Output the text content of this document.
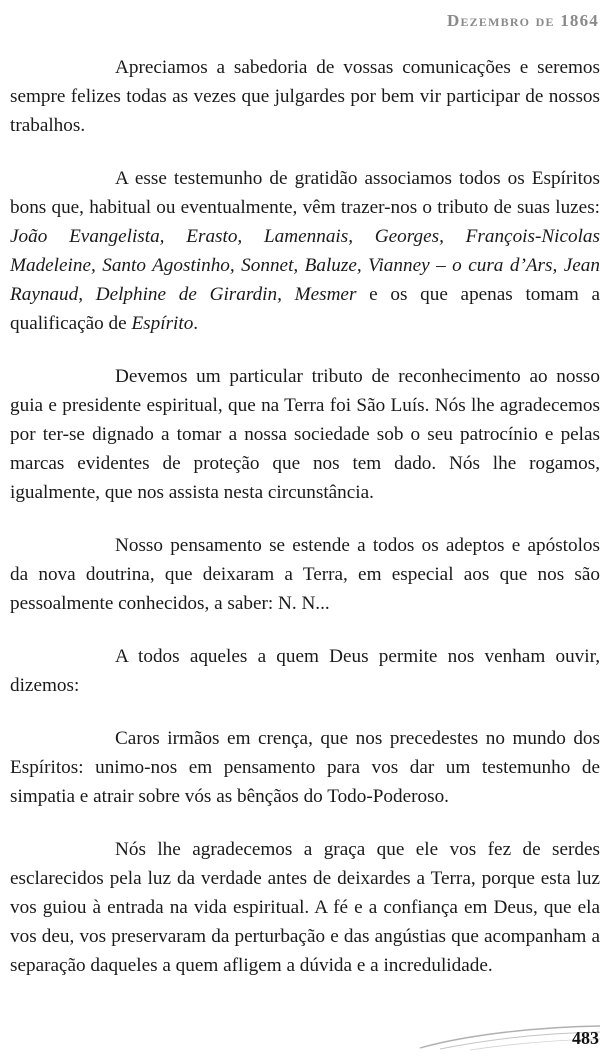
Dezembro de 1864

Apreciamos a sabedoria de vossas comunicações e seremos sempre felizes todas as vezes que julgardes por bem vir participar de nossos trabalhos.

A esse testemunho de gratidão associamos todos os Espíritos bons que, habitual ou eventualmente, vêm trazer-nos o tributo de suas luzes: João Evangelista, Erasto, Lamennais, Georges, François-Nicolas Madeleine, Santo Agostinho, Sonnet, Baluze, Vianney – o cura d’Ars, Jean Raynaud, Delphine de Girardin, Mesmer e os que apenas tomam a qualificação de Espírito.

Devemos um particular tributo de reconhecimento ao nosso guia e presidente espiritual, que na Terra foi São Luís. Nós lhe agradecemos por ter-se dignado a tomar a nossa sociedade sob o seu patrocínio e pelas marcas evidentes de proteção que nos tem dado. Nós lhe rogamos, igualmente, que nos assista nesta circunstância.

Nosso pensamento se estende a todos os adeptos e apóstolos da nova doutrina, que deixaram a Terra, em especial aos que nos são pessoalmente conhecidos, a saber: N. N...

A todos aqueles a quem Deus permite nos venham ouvir, dizemos:

Caros irmãos em crença, que nos precedestes no mundo dos Espíritos: unimo-nos em pensamento para vos dar um testemunho de simpatia e atrair sobre vós as bênçãos do Todo-Poderoso.

Nós lhe agradecemos a graça que ele vos fez de serdes esclarecidos pela luz da verdade antes de deixardes a Terra, porque esta luz vos guiou à entrada na vida espiritual. A fé e a confiança em Deus, que ela vos deu, vos preservaram da perturbação e das angústias que acompanham a separação daqueles a quem afligem a dúvida e a incredulidade.

483
